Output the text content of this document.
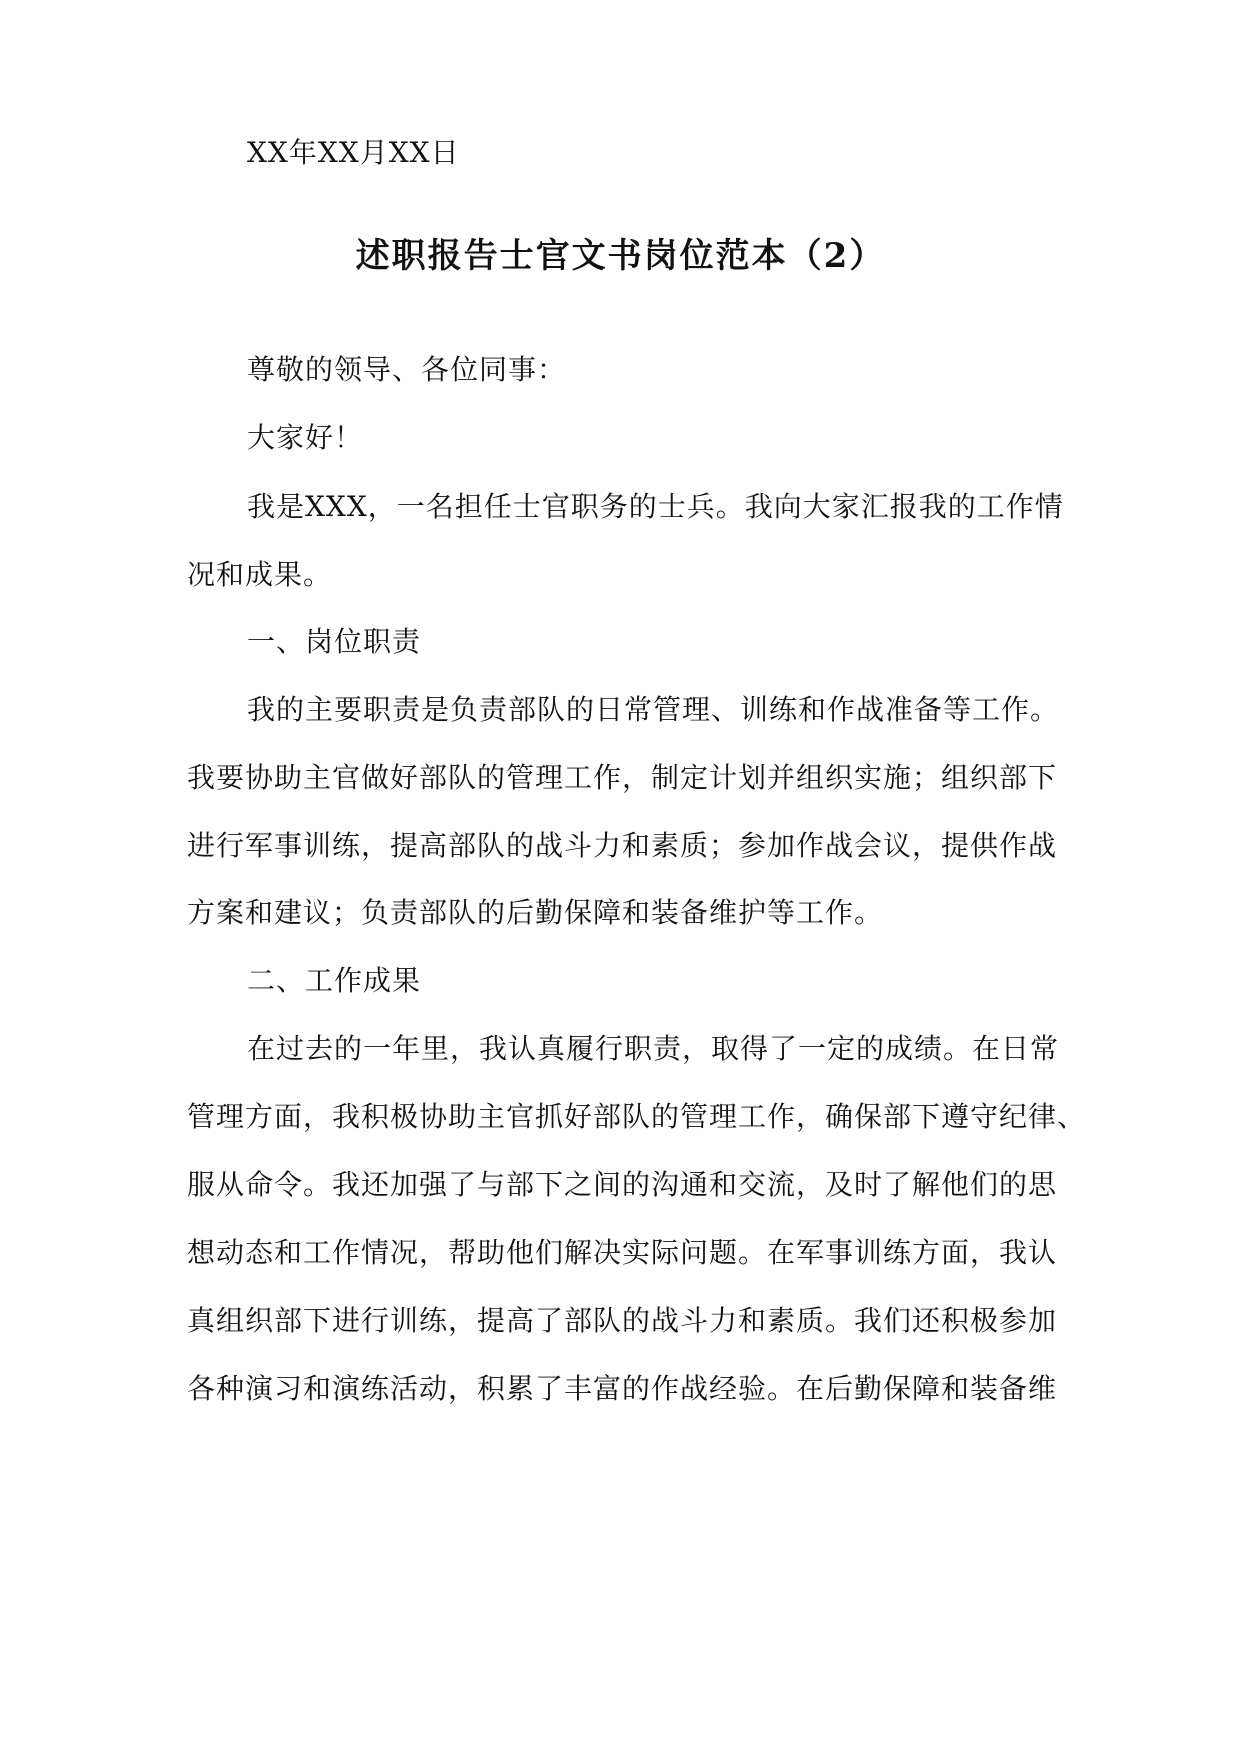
XX年XX月XX日
述职报告士官文书岗位范本（2）
尊敬的领导、各位同事：
大家好！
我是XXX，一名担任士官职务的士兵。我向大家汇报我的工作情
况和成果。
一、岗位职责
我的主要职责是负责部队的日常管理、训练和作战准备等工作。
我要协助主官做好部队的管理工作，制定计划并组织实施；组织部下
进行军事训练，提高部队的战斗力和素质；参加作战会议，提供作战
方案和建议；负责部队的后勤保障和装备维护等工作。
二、工作成果
在过去的一年里，我认真履行职责，取得了一定的成绩。在日常
管理方面，我积极协助主官抓好部队的管理工作，确保部下遵守纪律、
服从命令。我还加强了与部下之间的沟通和交流，及时了解他们的思
想动态和工作情况，帮助他们解决实际问题。在军事训练方面，我认
真组织部下进行训练，提高了部队的战斗力和素质。我们还积极参加
各种演习和演练活动，积累了丰富的作战经验。在后勤保障和装备维
